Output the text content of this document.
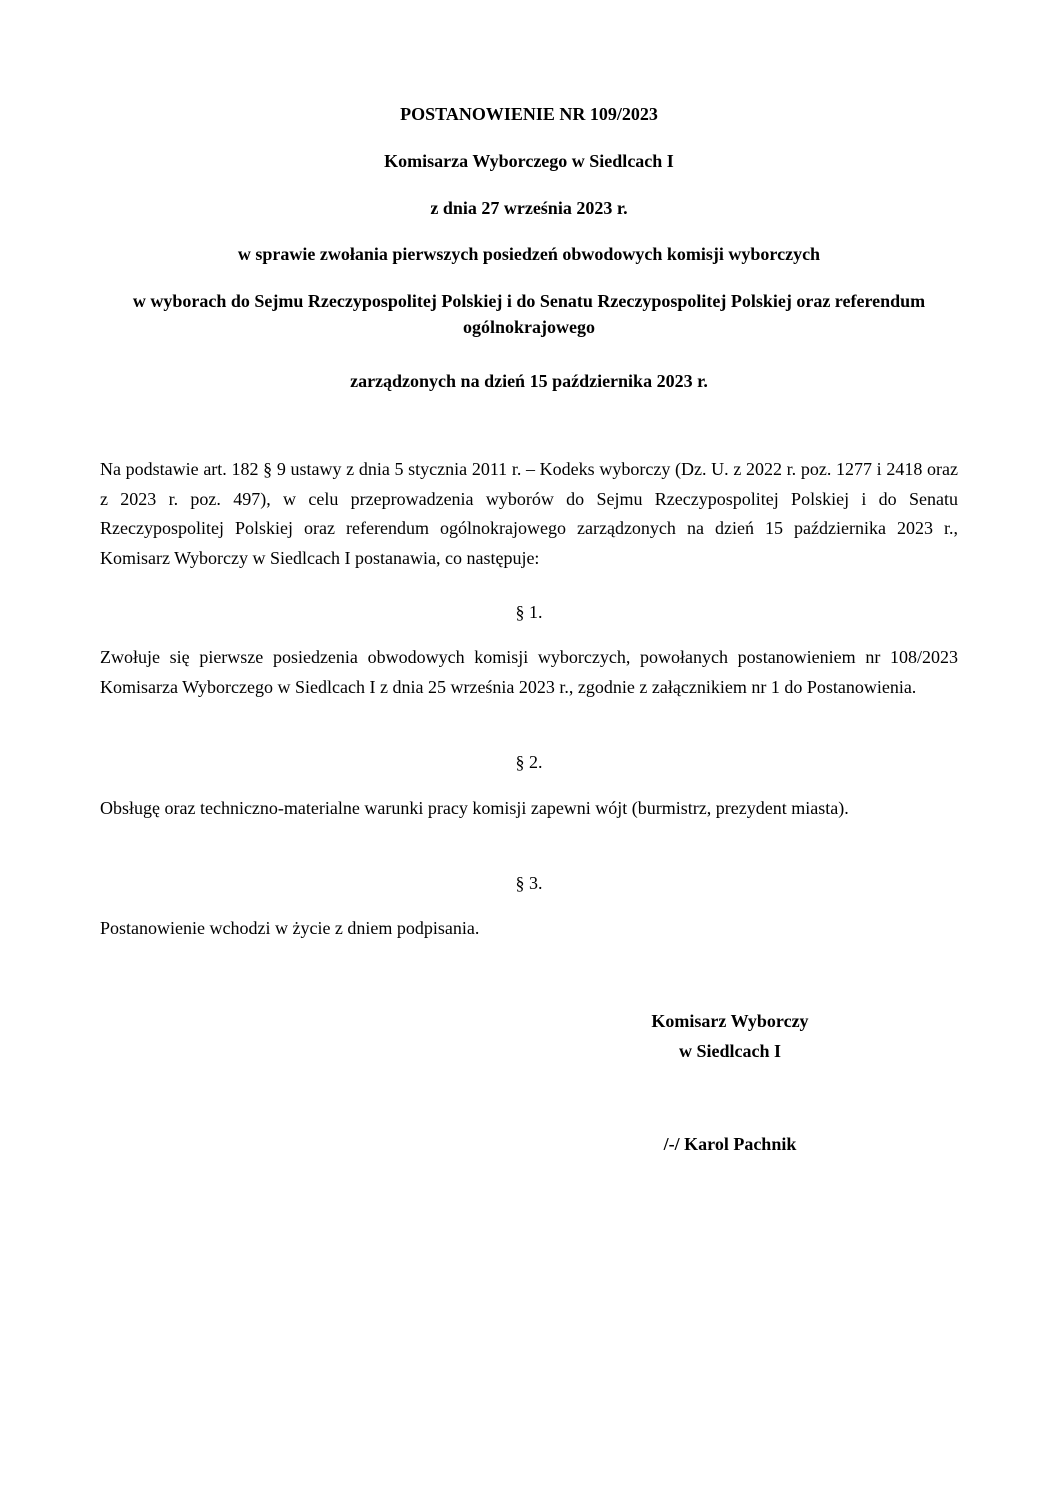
POSTANOWIENIE NR 109/2023
Komisarza Wyborczego w Siedlcach I
z dnia 27 września 2023 r.
w sprawie zwołania pierwszych posiedzeń obwodowych komisji wyborczych
w wyborach do Sejmu Rzeczypospolitej Polskiej i do Senatu Rzeczypospolitej Polskiej oraz referendum ogólnokrajowego
zarządzonych na dzień 15 października 2023 r.
Na podstawie art. 182 § 9 ustawy z dnia 5 stycznia 2011 r. – Kodeks wyborczy (Dz. U. z 2022 r. poz. 1277 i 2418 oraz z 2023 r. poz. 497), w celu przeprowadzenia wyborów do Sejmu Rzeczypospolitej Polskiej i do Senatu Rzeczypospolitej Polskiej oraz referendum ogólnokrajowego zarządzonych na dzień 15 października 2023 r., Komisarz Wyborczy w Siedlcach I postanawia, co następuje:
§ 1.
Zwołuje się pierwsze posiedzenia obwodowych komisji wyborczych, powołanych postanowieniem nr 108/2023 Komisarza Wyborczego w Siedlcach I z dnia 25 września 2023 r., zgodnie z załącznikiem nr 1 do Postanowienia.
§ 2.
Obsługę oraz techniczno-materialne warunki pracy komisji zapewni wójt (burmistrz, prezydent miasta).
§ 3.
Postanowienie wchodzi w życie z dniem podpisania.
Komisarz Wyborczy
w Siedlcach I
/-/ Karol Pachnik
